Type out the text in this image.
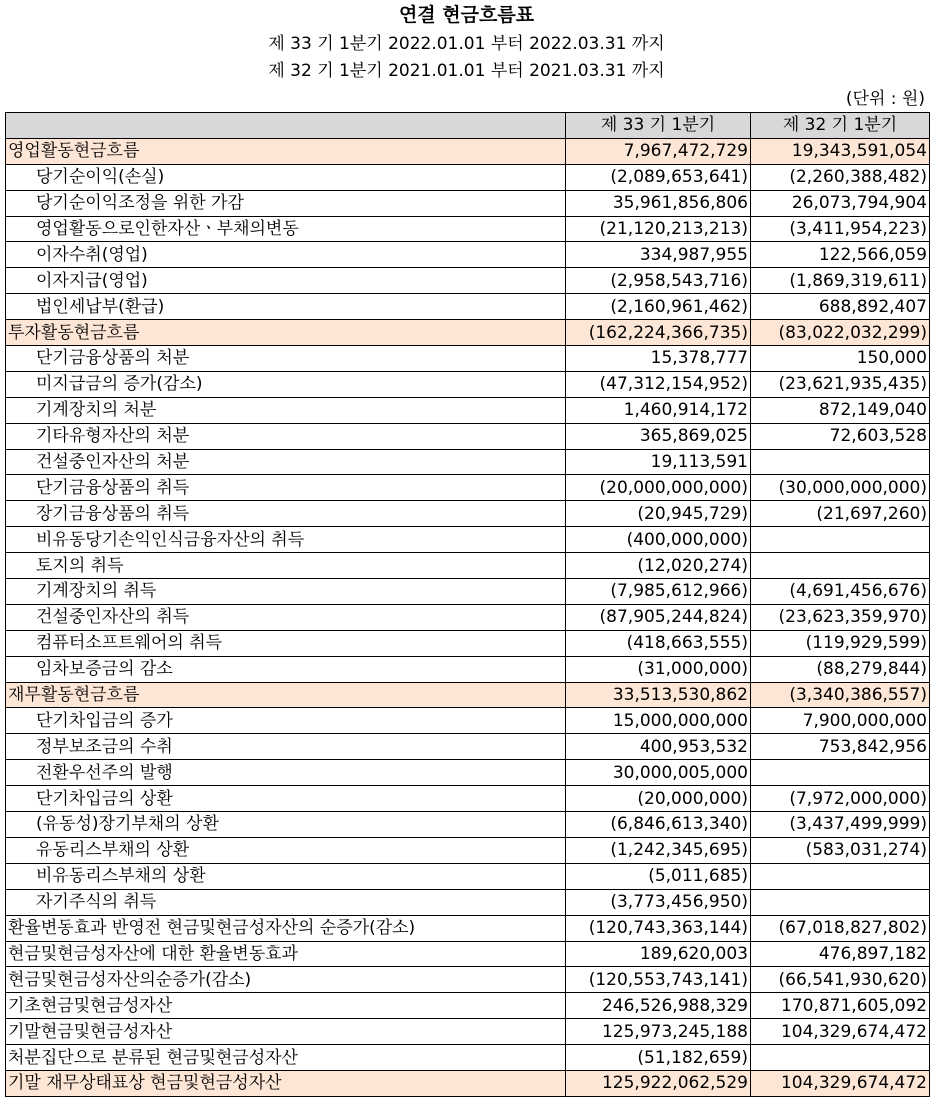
연결 현금흐름표
제 33 기 1분기 2022.01.01 부터 2022.03.31 까지
제 32 기 1분기 2021.01.01 부터 2021.03.31 까지
(단위 : 원)
	제 33 기 1분기	제 32 기 1분기
영업활동현금흐름	7,967,472,729	19,343,591,054
당기순이익(손실)	(2,089,653,641)	(2,260,388,482)
당기순이익조정을 위한 가감	35,961,856,806	26,073,794,904
영업활동으로인한자산ㆍ부채의변동	(21,120,213,213)	(3,411,954,223)
이자수취(영업)	334,987,955	122,566,059
이자지급(영업)	(2,958,543,716)	(1,869,319,611)
법인세납부(환급)	(2,160,961,462)	688,892,407
투자활동현금흐름	(162,224,366,735)	(83,022,032,299)
단기금융상품의 처분	15,378,777	150,000
미지급금의 증가(감소)	(47,312,154,952)	(23,621,935,435)
기계장치의 처분	1,460,914,172	872,149,040
기타유형자산의 처분	365,869,025	72,603,528
건설중인자산의 처분	19,113,591	
단기금융상품의 취득	(20,000,000,000)	(30,000,000,000)
장기금융상품의 취득	(20,945,729)	(21,697,260)
비유동당기손익인식금융자산의 취득	(400,000,000)	
토지의 취득	(12,020,274)	
기계장치의 취득	(7,985,612,966)	(4,691,456,676)
건설중인자산의 취득	(87,905,244,824)	(23,623,359,970)
컴퓨터소프트웨어의 취득	(418,663,555)	(119,929,599)
임차보증금의 감소	(31,000,000)	(88,279,844)
재무활동현금흐름	33,513,530,862	(3,340,386,557)
단기차입금의 증가	15,000,000,000	7,900,000,000
정부보조금의 수취	400,953,532	753,842,956
전환우선주의 발행	30,000,005,000	
단기차입금의 상환	(20,000,000)	(7,972,000,000)
(유동성)장기부채의 상환	(6,846,613,340)	(3,437,499,999)
유동리스부채의 상환	(1,242,345,695)	(583,031,274)
비유동리스부채의 상환	(5,011,685)	
자기주식의 취득	(3,773,456,950)	
환율변동효과 반영전 현금및현금성자산의 순증가(감소)	(120,743,363,144)	(67,018,827,802)
현금및현금성자산에 대한 환율변동효과	189,620,003	476,897,182
현금및현금성자산의순증가(감소)	(120,553,743,141)	(66,541,930,620)
기초현금및현금성자산	246,526,988,329	170,871,605,092
기말현금및현금성자산	125,973,245,188	104,329,674,472
처분집단으로 분류된 현금및현금성자산	(51,182,659)	
기말 재무상태표상 현금및현금성자산	125,922,062,529	104,329,674,472
